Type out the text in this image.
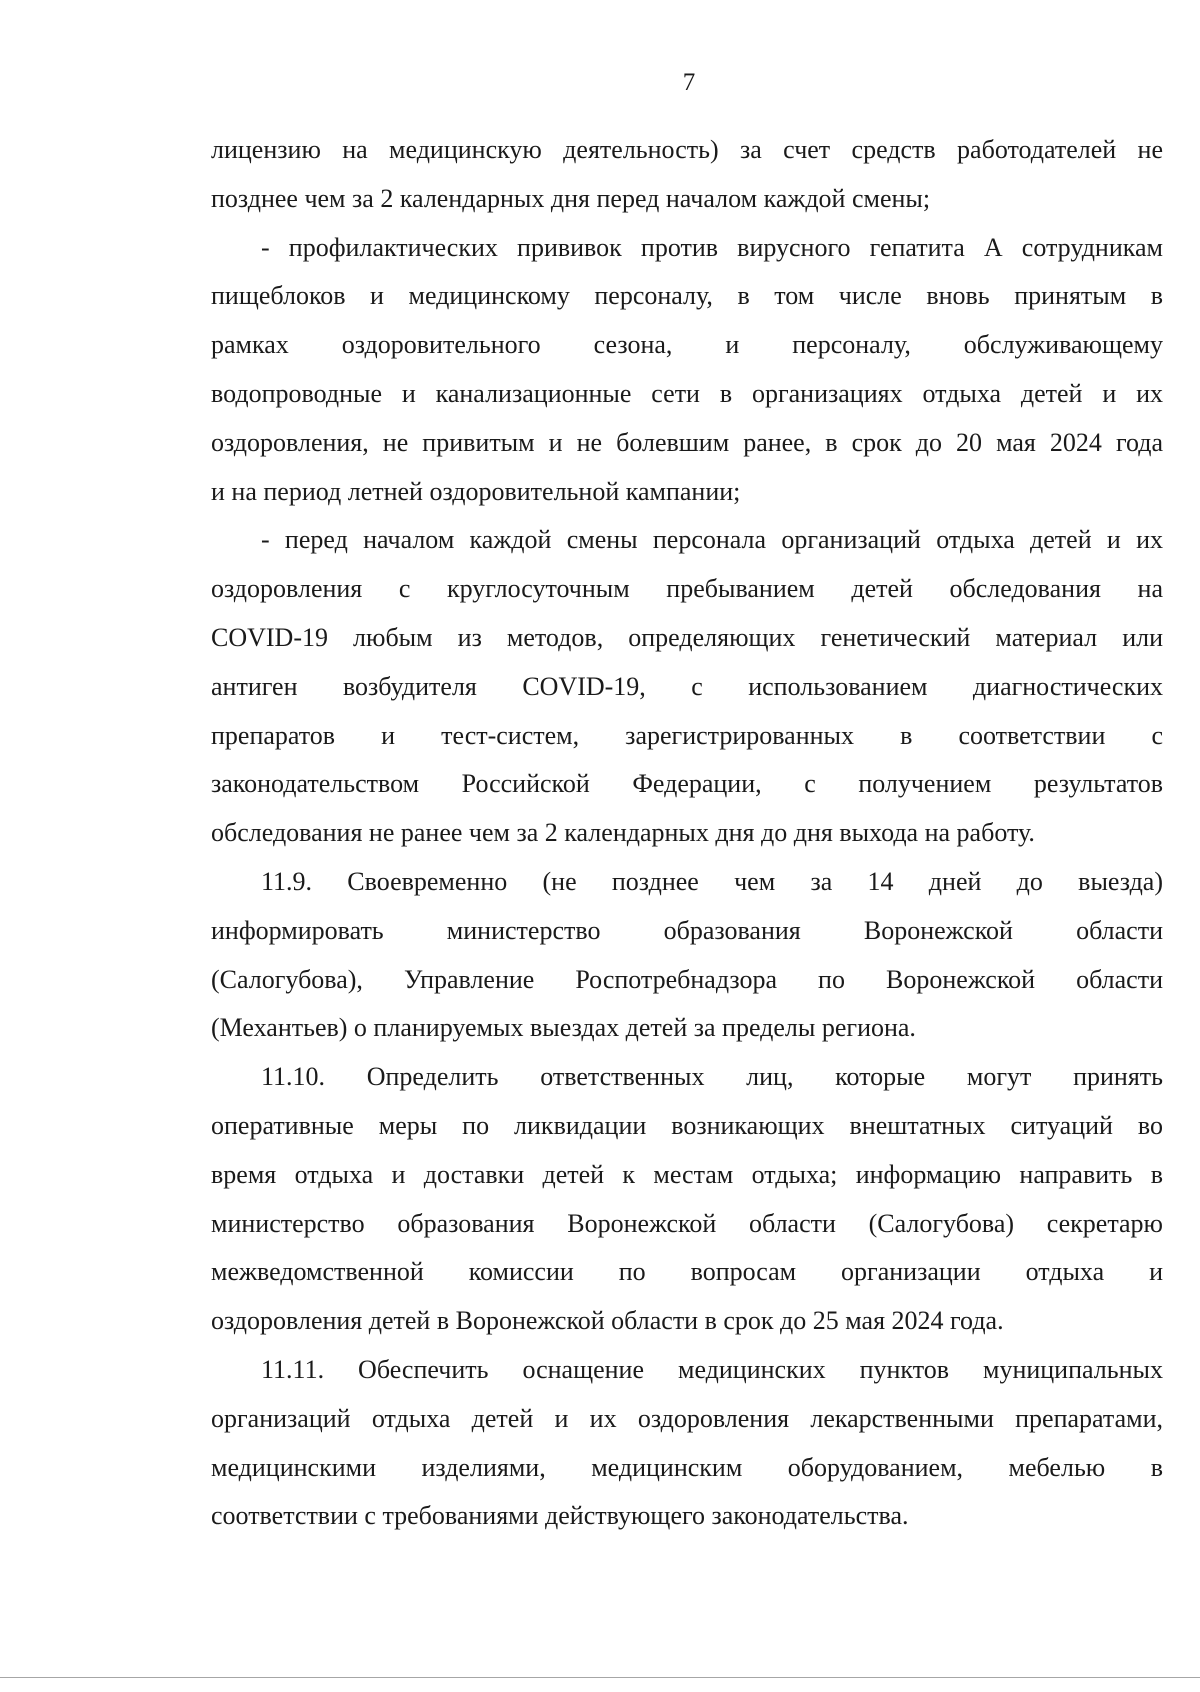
7
лицензию на медицинскую деятельность) за счет средств работодателей не
позднее чем за 2 календарных дня перед началом каждой смены;
- профилактических прививок против вирусного гепатита А сотрудникам
пищеблоков и медицинскому персоналу, в том числе вновь принятым в
рамках оздоровительного сезона, и персоналу, обслуживающему
водопроводные и канализационные сети в организациях отдыха детей и их
оздоровления, не привитым и не болевшим ранее, в срок до 20 мая 2024 года
и на период летней оздоровительной кампании;
- перед началом каждой смены персонала организаций отдыха детей и их
оздоровления с круглосуточным пребыванием детей обследования на
COVID-19 любым из методов, определяющих генетический материал или
антиген возбудителя COVID-19, с использованием диагностических
препаратов и тест-систем, зарегистрированных в соответствии с
законодательством Российской Федерации, с получением результатов
обследования не ранее чем за 2 календарных дня до дня выхода на работу.
11.9. Своевременно (не позднее чем за 14 дней до выезда)
информировать министерство образования Воронежской области
(Салогубова), Управление Роспотребнадзора по Воронежской области
(Механтьев) о планируемых выездах детей за пределы региона.
11.10. Определить ответственных лиц, которые могут принять
оперативные меры по ликвидации возникающих внештатных ситуаций во
время отдыха и доставки детей к местам отдыха; информацию направить в
министерство образования Воронежской области (Салогубова) секретарю
межведомственной комиссии по вопросам организации отдыха и
оздоровления детей в Воронежской области в срок до 25 мая 2024 года.
11.11. Обеспечить оснащение медицинских пунктов муниципальных
организаций отдыха детей и их оздоровления лекарственными препаратами,
медицинскими изделиями, медицинским оборудованием, мебелью в
соответствии с требованиями действующего законодательства.
